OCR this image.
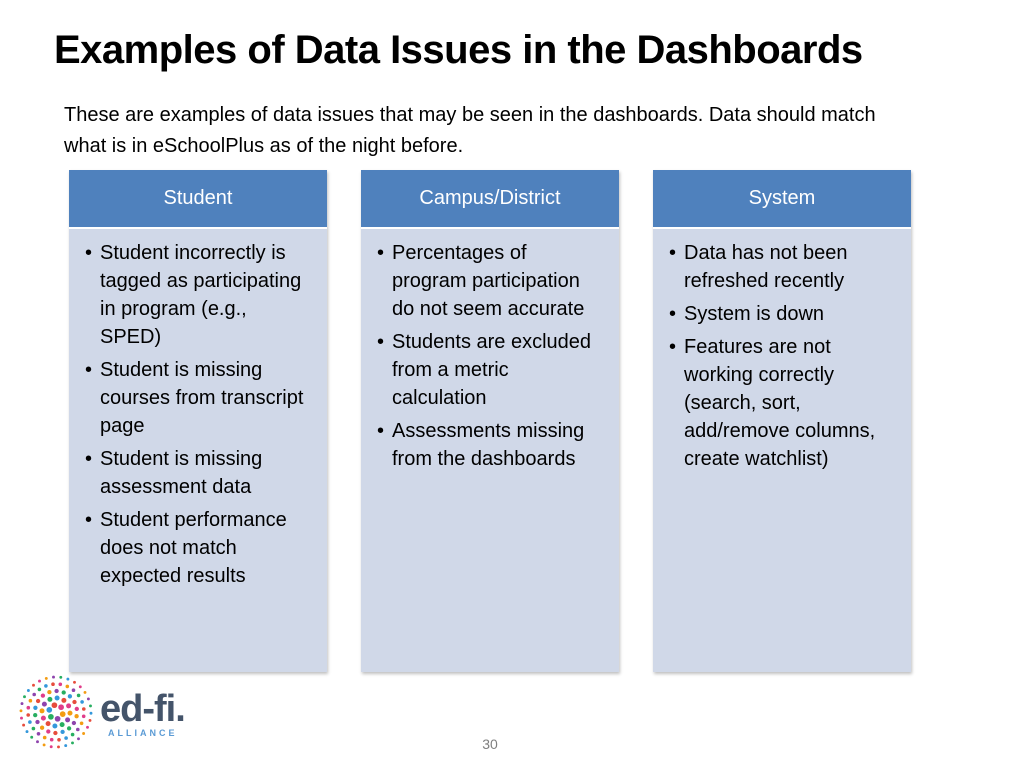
Examples of Data Issues in the Dashboards

These are examples of data issues that may be seen in the dashboards. Data should match what is in eSchoolPlus as of the night before.

Student
• Student incorrectly is tagged as participating in program (e.g., SPED)
• Student is missing courses from transcript page
• Student is missing assessment data
• Student performance does not match expected results
Campus/District
• Percentages of program participation do not seem accurate
• Students are excluded from a metric calculation
• Assessments missing from the dashboards
System
• Data has not been refreshed recently
• System is down
• Features are not working correctly (search, sort, add/remove columns, create watchlist)
ed-fi.
ALLIANCE
30
